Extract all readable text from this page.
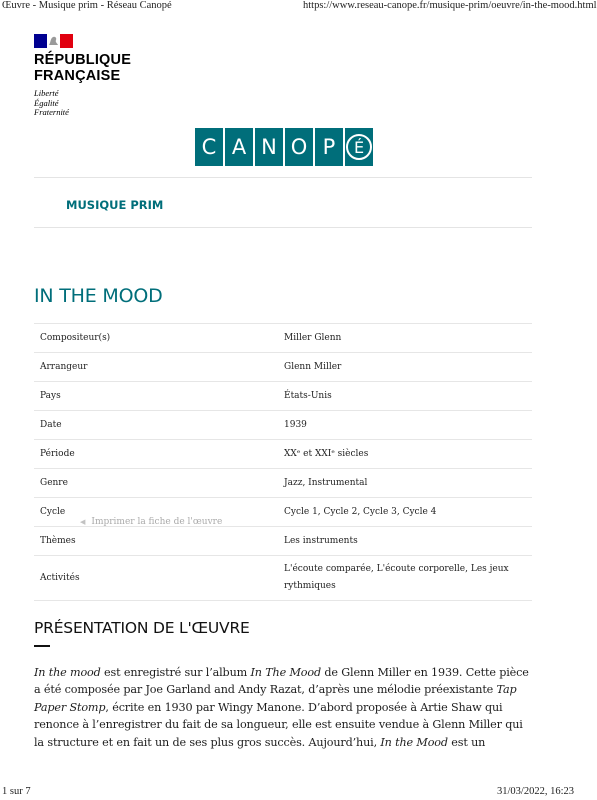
Œuvre - Musique prim - Réseau Canopé	https://www.reseau-canope.fr/musique-prim/oeuvre/in-the-mood.html
RÉPUBLIQUE
FRANÇAISE
Liberté
Égalité
Fraternité
C A N O P	É
MUSIQUE PRIM
IN THE MOOD
Compositeur(s)	Miller Glenn
Arrangeur	Glenn Miller
Pays	États-Unis
Date	1939
Période	XXᵉ et XXIᵉ siècles
Genre	Jazz, Instrumental
Cycle	Cycle 1, Cycle 2, Cycle 3, Cycle 4
Thèmes	Les instruments
Activités	L'écoute comparée, L'écoute corporelle, Les jeux
rythmiques
◀ Imprimer la fiche de l'œuvre
PRÉSENTATION DE L'ŒUVRE
In the mood est enregistré sur l’album In The Mood de Glenn Miller en 1939. Cette pièce
a été composée par Joe Garland and Andy Razat, d’après une mélodie préexistante Tap
Paper Stomp, écrite en 1930 par Wingy Manone. D’abord proposée à Artie Shaw qui
renonce à l’enregistrer du fait de sa longueur, elle est ensuite vendue à Glenn Miller qui
la structure et en fait un de ses plus gros succès. Aujourd’hui, In the Mood est un
1 sur 7	31/03/2022, 16:23
